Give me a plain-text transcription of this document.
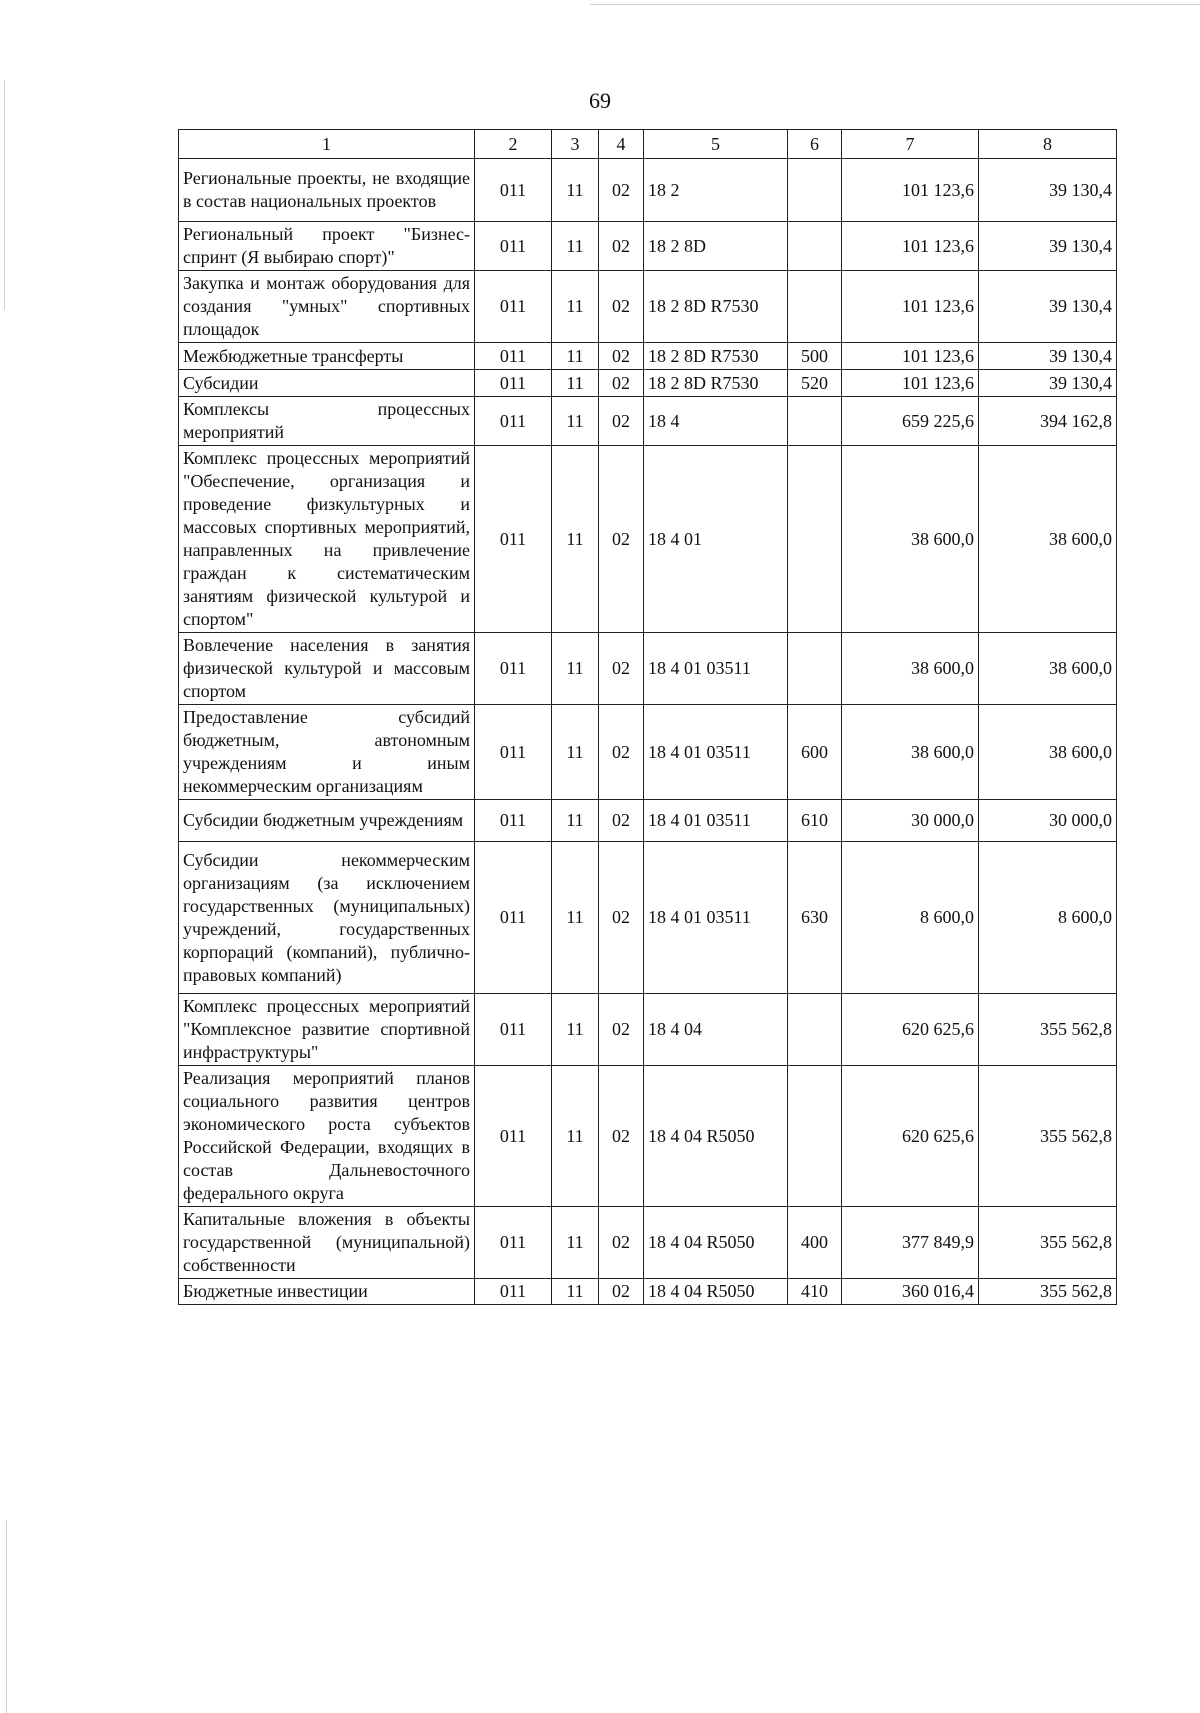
69
1	2	3	4	5	6	7	8
Региональные проекты, не входящие в состав национальных проектов	011	11	02	18 2		101 123,6	39 130,4
Региональный проект "Бизнес-спринт (Я выбираю спорт)"	011	11	02	18 2 8D		101 123,6	39 130,4
Закупка и монтаж оборудования для создания "умных" спортивных площадок	011	11	02	18 2 8D R7530		101 123,6	39 130,4
Межбюджетные трансферты	011	11	02	18 2 8D R7530	500	101 123,6	39 130,4
Субсидии	011	11	02	18 2 8D R7530	520	101 123,6	39 130,4
Комплексы процессных мероприятий	011	11	02	18 4		659 225,6	394 162,8
Комплекс процессных мероприятий "Обеспечение, организация и проведение физкультурных и массовых спортивных мероприятий, направленных на привлечение граждан к систематическим занятиям физической культурой и спортом"	011	11	02	18 4 01		38 600,0	38 600,0
Вовлечение населения в занятия физической культурой и массовым спортом	011	11	02	18 4 01 03511		38 600,0	38 600,0
Предоставление субсидий бюджетным, автономным учреждениям и иным некоммерческим организациям	011	11	02	18 4 01 03511	600	38 600,0	38 600,0
Субсидии бюджетным учреждениям	011	11	02	18 4 01 03511	610	30 000,0	30 000,0
Субсидии некоммерческим организациям (за исключением государственных (муниципальных) учреждений, государственных корпораций (компаний), публично-правовых компаний)	011	11	02	18 4 01 03511	630	8 600,0	8 600,0
Комплекс процессных мероприятий "Комплексное развитие спортивной инфраструктуры"	011	11	02	18 4 04		620 625,6	355 562,8
Реализация мероприятий планов социального развития центров экономического роста субъектов Российской Федерации, входящих в состав Дальневосточного федерального округа	011	11	02	18 4 04 R5050		620 625,6	355 562,8
Капитальные вложения в объекты государственной (муниципальной) собственности	011	11	02	18 4 04 R5050	400	377 849,9	355 562,8
Бюджетные инвестиции	011	11	02	18 4 04 R5050	410	360 016,4	355 562,8
